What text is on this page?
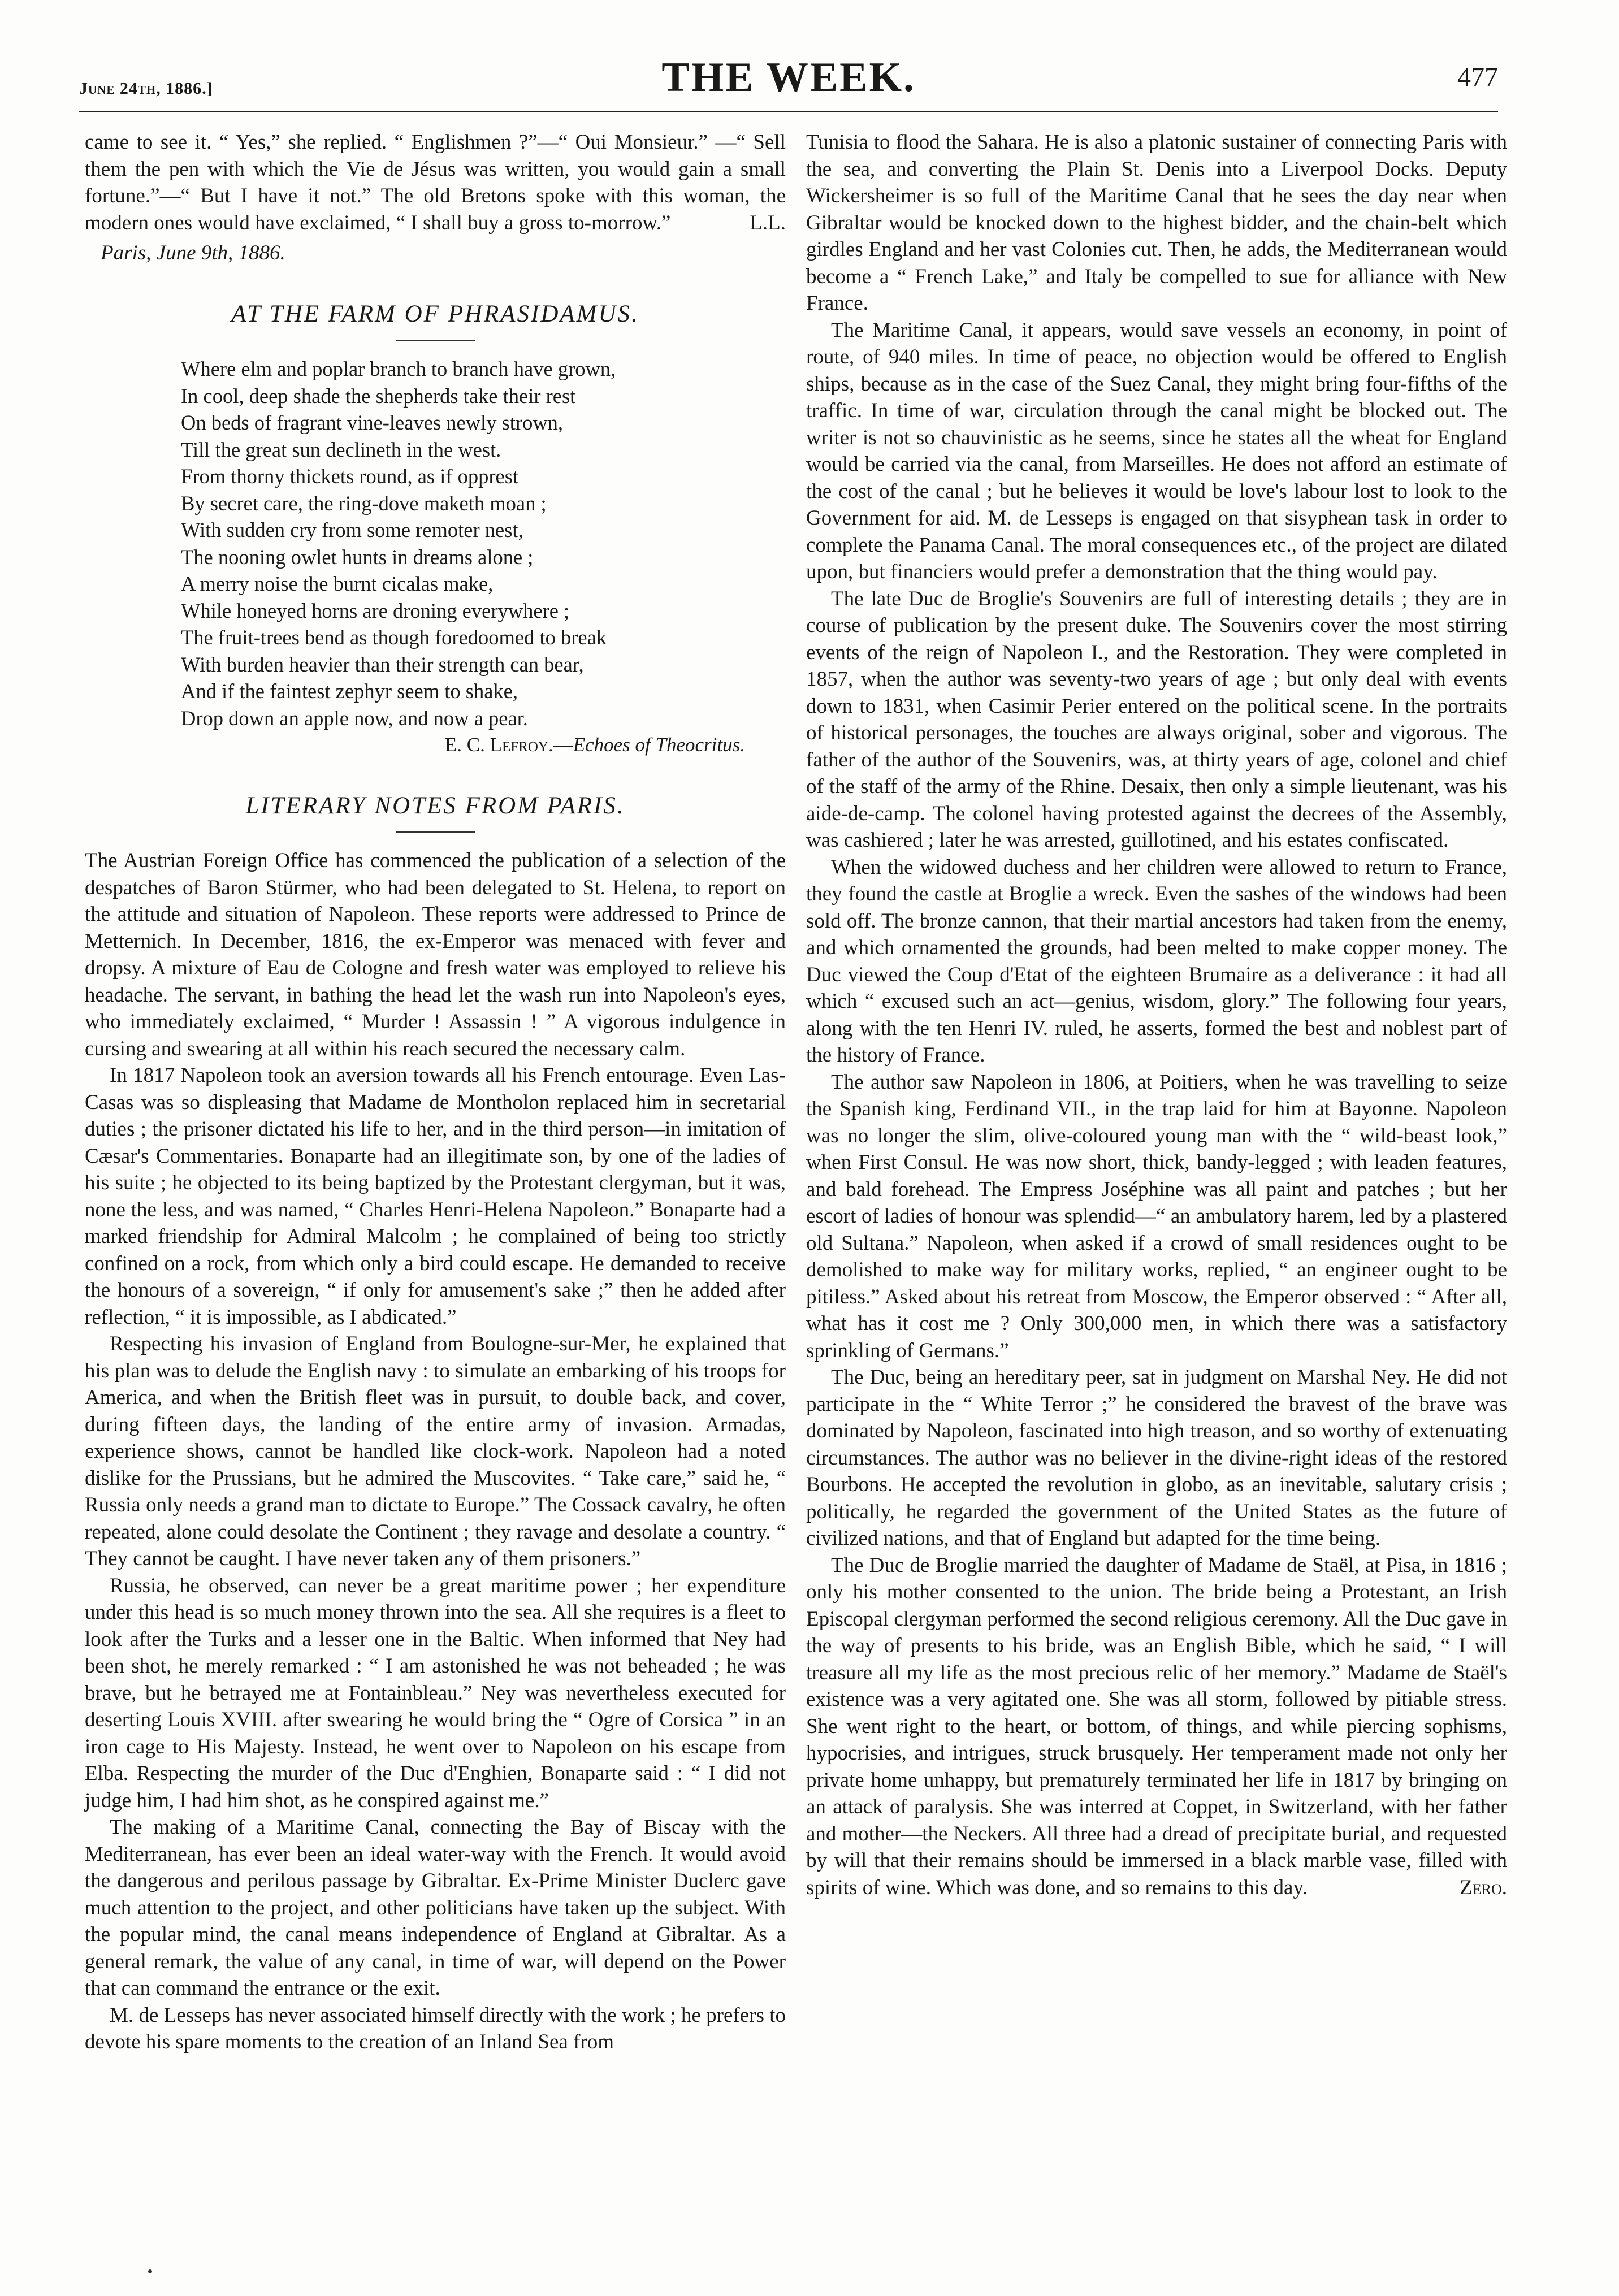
June 24th, 1886.]	THE WEEK.	477

came to see it. “ Yes,” she replied. “ Englishmen ?”—“ Oui Monsieur.” —“ Sell them the pen with which the Vie de Jésus was written, you would gain a small fortune.”—“ But I have it not.” The old Bretons spoke with this woman, the modern ones would have exclaimed, “ I shall buy a gross to-morrow.”	L.L.

Paris, June 9th, 1886.

AT THE FARM OF PHRASIDAMUS.
Where elm and poplar branch to branch have grown,
In cool, deep shade the shepherds take their rest
On beds of fragrant vine-leaves newly strown,
Till the great sun declineth in the west.
From thorny thickets round, as if opprest
By secret care, the ring-dove maketh moan ;
With sudden cry from some remoter nest,
The nooning owlet hunts in dreams alone ;
A merry noise the burnt cicalas make,
While honeyed horns are droning everywhere ;
The fruit-trees bend as though foredoomed to break
With burden heavier than their strength can bear,
And if the faintest zephyr seem to shake,
Drop down an apple now, and now a pear.
E. C. Lefroy.—Echoes of Theocritus.
LITERARY NOTES FROM PARIS.

The Austrian Foreign Office has commenced the publication of a selection of the despatches of Baron Stürmer, who had been delegated to St. Helena, to report on the attitude and situation of Napoleon. These reports were addressed to Prince de Metternich. In December, 1816, the ex-Emperor was menaced with fever and dropsy. A mixture of Eau de Cologne and fresh water was employed to relieve his headache. The servant, in bathing the head let the wash run into Napoleon's eyes, who immediately exclaimed, “ Murder ! Assassin ! ” A vigorous indulgence in cursing and swearing at all within his reach secured the necessary calm.

In 1817 Napoleon took an aversion towards all his French entourage. Even Las-Casas was so displeasing that Madame de Montholon replaced him in secretarial duties ; the prisoner dictated his life to her, and in the third person—in imitation of Cæsar's Commentaries. Bonaparte had an illegitimate son, by one of the ladies of his suite ; he objected to its being baptized by the Protestant clergyman, but it was, none the less, and was named, “ Charles Henri-Helena Napoleon.” Bonaparte had a marked friendship for Admiral Malcolm ; he complained of being too strictly confined on a rock, from which only a bird could escape. He demanded to receive the honours of a sovereign, “ if only for amusement's sake ;” then he added after reflection, “ it is impossible, as I abdicated.”

Respecting his invasion of England from Boulogne-sur-Mer, he explained that his plan was to delude the English navy : to simulate an embarking of his troops for America, and when the British fleet was in pursuit, to double back, and cover, during fifteen days, the landing of the entire army of invasion. Armadas, experience shows, cannot be handled like clock-work. Napoleon had a noted dislike for the Prussians, but he admired the Muscovites. “ Take care,” said he, “ Russia only needs a grand man to dictate to Europe.” The Cossack cavalry, he often repeated, alone could desolate the Continent ; they ravage and desolate a country. “ They cannot be caught. I have never taken any of them prisoners.”

Russia, he observed, can never be a great maritime power ; her expenditure under this head is so much money thrown into the sea. All she requires is a fleet to look after the Turks and a lesser one in the Baltic. When informed that Ney had been shot, he merely remarked : “ I am astonished he was not beheaded ; he was brave, but he betrayed me at Fontainbleau.” Ney was nevertheless executed for deserting Louis XVIII. after swearing he would bring the “ Ogre of Corsica ” in an iron cage to His Majesty. Instead, he went over to Napoleon on his escape from Elba. Respecting the murder of the Duc d'Enghien, Bonaparte said : “ I did not judge him, I had him shot, as he conspired against me.”

The making of a Maritime Canal, connecting the Bay of Biscay with the Mediterranean, has ever been an ideal water-way with the French. It would avoid the dangerous and perilous passage by Gibraltar. Ex-Prime Minister Duclerc gave much attention to the project, and other politicians have taken up the subject. With the popular mind, the canal means independence of England at Gibraltar. As a general remark, the value of any canal, in time of war, will depend on the Power that can command the entrance or the exit.

M. de Lesseps has never associated himself directly with the work ; he prefers to devote his spare moments to the creation of an Inland Sea from

Tunisia to flood the Sahara. He is also a platonic sustainer of connecting Paris with the sea, and converting the Plain St. Denis into a Liverpool Docks. Deputy Wickersheimer is so full of the Maritime Canal that he sees the day near when Gibraltar would be knocked down to the highest bidder, and the chain-belt which girdles England and her vast Colonies cut. Then, he adds, the Mediterranean would become a “ French Lake,” and Italy be compelled to sue for alliance with New France.

The Maritime Canal, it appears, would save vessels an economy, in point of route, of 940 miles. In time of peace, no objection would be offered to English ships, because as in the case of the Suez Canal, they might bring four-fifths of the traffic. In time of war, circulation through the canal might be blocked out. The writer is not so chauvinistic as he seems, since he states all the wheat for England would be carried via the canal, from Marseilles. He does not afford an estimate of the cost of the canal ; but he believes it would be love's labour lost to look to the Government for aid. M. de Lesseps is engaged on that sisyphean task in order to complete the Panama Canal. The moral consequences etc., of the project are dilated upon, but financiers would prefer a demonstration that the thing would pay.

The late Duc de Broglie's Souvenirs are full of interesting details ; they are in course of publication by the present duke. The Souvenirs cover the most stirring events of the reign of Napoleon I., and the Restoration. They were completed in 1857, when the author was seventy-two years of age ; but only deal with events down to 1831, when Casimir Perier entered on the political scene. In the portraits of historical personages, the touches are always original, sober and vigorous. The father of the author of the Souvenirs, was, at thirty years of age, colonel and chief of the staff of the army of the Rhine. Desaix, then only a simple lieutenant, was his aide-de-camp. The colonel having protested against the decrees of the Assembly, was cashiered ; later he was arrested, guillotined, and his estates confiscated.

When the widowed duchess and her children were allowed to return to France, they found the castle at Broglie a wreck. Even the sashes of the windows had been sold off. The bronze cannon, that their martial ancestors had taken from the enemy, and which ornamented the grounds, had been melted to make copper money. The Duc viewed the Coup d'Etat of the eighteen Brumaire as a deliverance : it had all which “ excused such an act—genius, wisdom, glory.” The following four years, along with the ten Henri IV. ruled, he asserts, formed the best and noblest part of the history of France.

The author saw Napoleon in 1806, at Poitiers, when he was travelling to seize the Spanish king, Ferdinand VII., in the trap laid for him at Bayonne. Napoleon was no longer the slim, olive-coloured young man with the “ wild-beast look,” when First Consul. He was now short, thick, bandy-legged ; with leaden features, and bald forehead. The Empress Joséphine was all paint and patches ; but her escort of ladies of honour was splendid—“ an ambulatory harem, led by a plastered old Sultana.” Napoleon, when asked if a crowd of small residences ought to be demolished to make way for military works, replied, “ an engineer ought to be pitiless.” Asked about his retreat from Moscow, the Emperor observed : “ After all, what has it cost me ? Only 300,000 men, in which there was a satisfactory sprinkling of Germans.”

The Duc, being an hereditary peer, sat in judgment on Marshal Ney. He did not participate in the “ White Terror ;” he considered the bravest of the brave was dominated by Napoleon, fascinated into high treason, and so worthy of extenuating circumstances. The author was no believer in the divine-right ideas of the restored Bourbons. He accepted the revolution in globo, as an inevitable, salutary crisis ; politically, he regarded the government of the United States as the future of civilized nations, and that of England but adapted for the time being.

The Duc de Broglie married the daughter of Madame de Staël, at Pisa, in 1816 ; only his mother consented to the union. The bride being a Protestant, an Irish Episcopal clergyman performed the second religious ceremony. All the Duc gave in the way of presents to his bride, was an English Bible, which he said, “ I will treasure all my life as the most precious relic of her memory.” Madame de Staël's existence was a very agitated one. She was all storm, followed by pitiable stress. She went right to the heart, or bottom, of things, and while piercing sophisms, hypocrisies, and intrigues, struck brusquely. Her temperament made not only her private home unhappy, but prematurely terminated her life in 1817 by bringing on an attack of paralysis. She was interred at Coppet, in Switzerland, with her father and mother—the Neckers. All three had a dread of precipitate burial, and requested by will that their remains should be immersed in a black marble vase, filled with spirits of wine. Which was done, and so remains to this day.	Zero.
